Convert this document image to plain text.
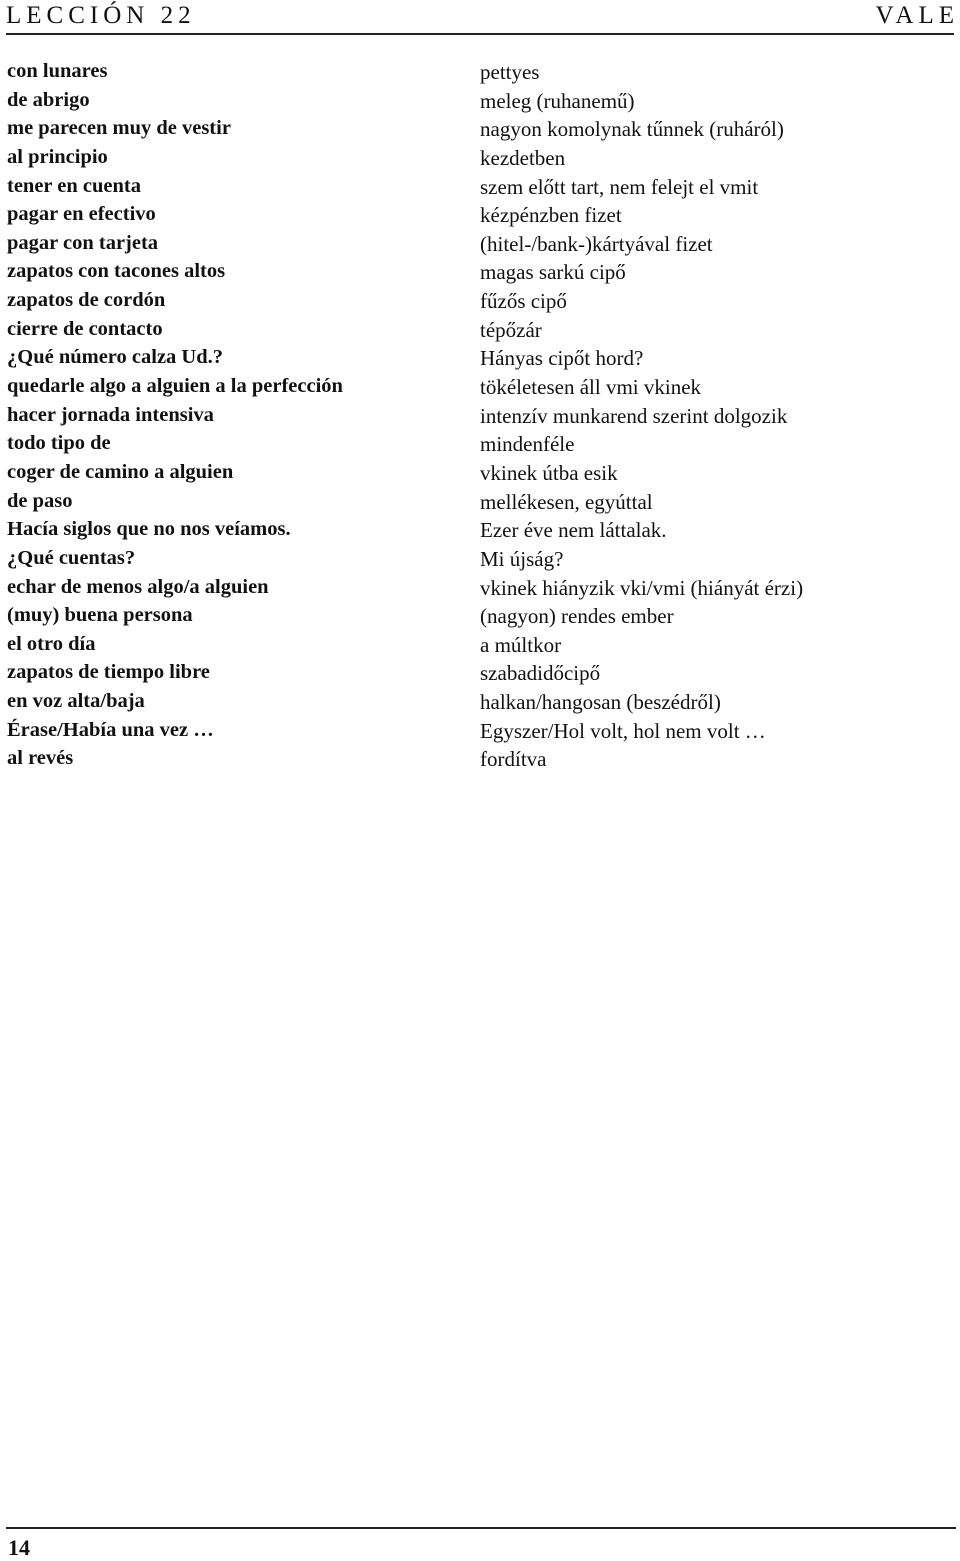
LECCIÓN 22	VALE
con lunares	pettyes
de abrigo	meleg (ruhanemű)
me parecen muy de vestir	nagyon komolynak tűnnek (ruháról)
al principio	kezdetben
tener en cuenta	szem előtt tart, nem felejt el vmit
pagar en efectivo	kézpénzben fizet
pagar con tarjeta	(hitel-/bank-)kártyával fizet
zapatos con tacones altos	magas sarkú cipő
zapatos de cordón	fűzős cipő
cierre de contacto	tépőzár
¿Qué número calza Ud.?	Hányas cipőt hord?
quedarle algo a alguien a la perfección	tökéletesen áll vmi vkinek
hacer jornada intensiva	intenzív munkarend szerint dolgozik
todo tipo de	mindenféle
coger de camino a alguien	vkinek útba esik
de paso	mellékesen, egyúttal
Hacía siglos que no nos veíamos.	Ezer éve nem láttalak.
¿Qué cuentas?	Mi újság?
echar de menos algo/a alguien	vkinek hiányzik vki/vmi (hiányát érzi)
(muy) buena persona	(nagyon) rendes ember
el otro día	a múltkor
zapatos de tiempo libre	szabadidőcipő
en voz alta/baja	halkan/hangosan (beszédről)
Érase/Había una vez …	Egyszer/Hol volt, hol nem volt …
al revés	fordítva
14
